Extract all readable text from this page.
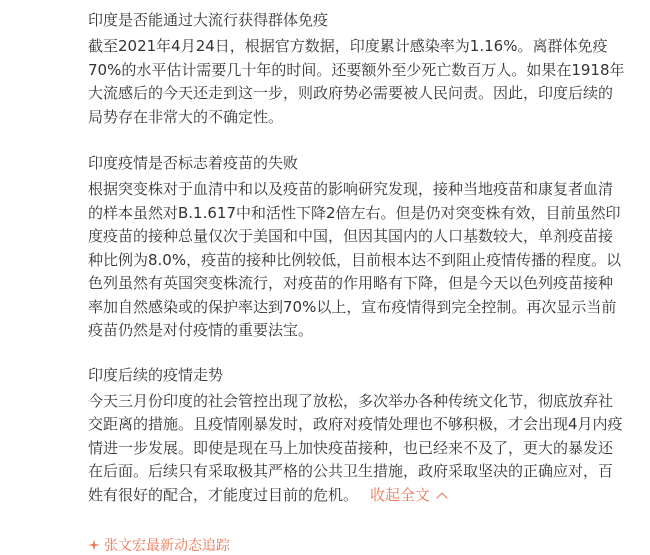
印度是否能通过大流行获得群体免疫
截至2021年4月24日，根据官方数据，印度累计感染率为1.16%。离群体免疫
70%的水平估计需要几十年的时间。还要额外至少死亡数百万人。如果在1918年
大流感后的今天还走到这一步，则政府势必需要被人民问责。因此，印度后续的
局势存在非常大的不确定性。
印度疫情是否标志着疫苗的失败
根据突变株对于血清中和以及疫苗的影响研究发现，接种当地疫苗和康复者血清
的样本虽然对B.1.617中和活性下降2倍左右。但是仍对突变株有效，目前虽然印
度疫苗的接种总量仅次于美国和中国，但因其国内的人口基数较大，单剂疫苗接
种比例为8.0%，疫苗的接种比例较低，目前根本达不到阻止疫情传播的程度。以
色列虽然有英国突变株流行，对疫苗的作用略有下降，但是今天以色列疫苗接种
率加自然感染或的保护率达到70%以上，宣布疫情得到完全控制。再次显示当前
疫苗仍然是对付疫情的重要法宝。
印度后续的疫情走势
今天三月份印度的社会管控出现了放松，多次举办各种传统文化节，彻底放弃社
交距离的措施。且疫情刚暴发时，政府对疫情处理也不够积极，才会出现4月内疫
情进一步发展。即使是现在马上加快疫苗接种，也已经来不及了，更大的暴发还
在后面。后续只有采取极其严格的公共卫生措施，政府采取坚决的正确应对，百
姓有很好的配合，才能度过目前的危机。 收起全文
张文宏最新动态追踪
